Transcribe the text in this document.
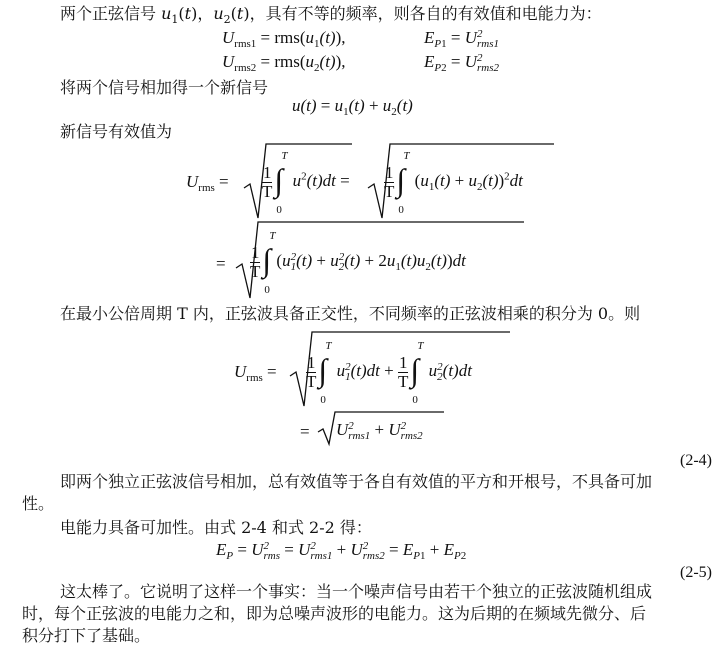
两个正弦信号 $u_1(t)$，$u_2(t)$，具有不等的频率，则各自的有效值和电能力为：
$U_{rms1} = rms(u_1(t))$,	$E_{P1} = U2$
rms1
$U_{rms2} = rms(u_2(t))$,	$E_{P2} = U2$
rms2
将两个信号相加得一个新信号
$u(t) = u_1(t) + u_2(t)$
新信号有效值为
$U_{rms} = \frac{1}{T}$ ∫
T
0
$u^2(t)dt = \frac{1}{T}$ ∫
T
0
$(u_1(t) + u_2(t))^2dt$
= $\frac{1}{T}$ ∫
T
0
(u2
1(t) + u2
$2(t) + 2u_1(t)u_2(t))dt$
在最小公倍周期 T 内，正弦波具备正交性，不同频率的正弦波相乘的积分为 0。则
$U_{rms} = \frac{1}{T}$ ∫
T
0
u2
$1(t)dt + \frac{1}{T}$ ∫
T
0
u2
2(t)dt
= U2
rms1 + U2
rms2
(2-4)
即两个独立正弦波信号相加，总有效值等于各自有效值的平方和开根号，不具备可加
性。
电能力具备可加性。由式 2-4 和式 2-2 得：
$E_P = U2$
rms = U2
rms1 + U2
$rms2 = E_{P1} + E_{P2}$
(2-5)
这太棒了。它说明了这样一个事实：当一个噪声信号由若干个独立的正弦波随机组成
时，每个正弦波的电能力之和，即为总噪声波形的电能力。这为后期的在频域先微分、后
积分打下了基础。
